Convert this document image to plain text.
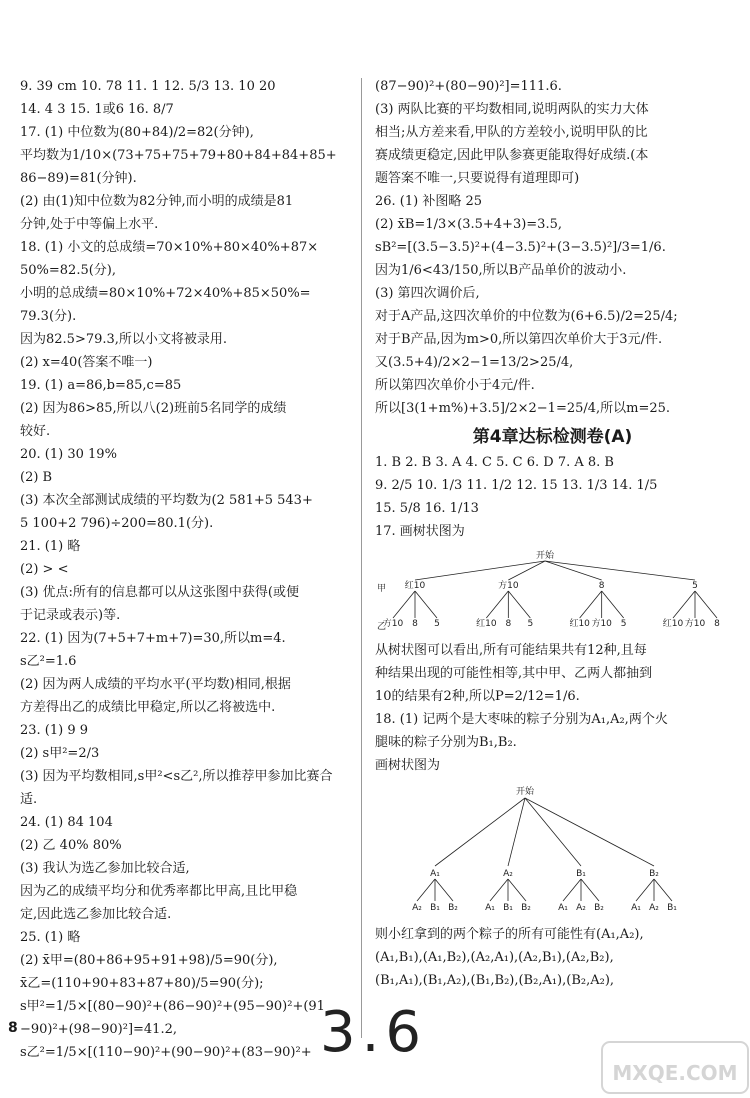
9. 39 cm 10. 78 11. 1 12. 5/3 13. 10 20
14. 4 3 15. 1或6 16. 8/7
17. (1) 中位数为(80+84)/2=82(分钟),
平均数为1/10×(73+75+75+79+80+84+84+85+
86−89)=81(分钟).
(2) 由(1)知中位数为82分钟,而小明的成绩是81
分钟,处于中等偏上水平.
18. (1) 小文的总成绩=70×10%+80×40%+87×
50%=82.5(分),
小明的总成绩=80×10%+72×40%+85×50%=
79.3(分).
因为82.5>79.3,所以小文将被录用.
(2) x=40(答案不唯一)
19. (1) a=86,b=85,c=85
(2) 因为86>85,所以八(2)班前5名同学的成绩
较好.
20. (1) 30 19%
(2) B
(3) 本次全部测试成绩的平均数为(2 581+5 543+
5 100+2 796)÷200=80.1(分).
21. (1) 略
(2) > <
(3) 优点:所有的信息都可以从这张图中获得(或便
于记录或表示)等.
22. (1) 因为(7+5+7+m+7)=30,所以m=4.
s乙²=1.6
(2) 因为两人成绩的平均水平(平均数)相同,根据
方差得出乙的成绩比甲稳定,所以乙将被选中.
23. (1) 9 9
(2) s甲²=2/3
(3) 因为平均数相同,s甲²<s乙²,所以推荐甲参加比赛合
适.
24. (1) 84 104
(2) 乙 40% 80%
(3) 我认为选乙参加比较合适,
因为乙的成绩平均分和优秀率都比甲高,且比甲稳
定,因此选乙参加比较合适.
25. (1) 略
(2) x̄甲=(80+86+95+91+98)/5=90(分),
x̄乙=(110+90+83+87+80)/5=90(分);
s甲²=1/5×[(80−90)²+(86−90)²+(95−90)²+(91
−90)²+(98−90)²]=41.2,
s乙²=1/5×[(110−90)²+(90−90)²+(83−90)²+
(87−90)²+(80−90)²]=111.6.
(3) 两队比赛的平均数相同,说明两队的实力大体
相当;从方差来看,甲队的方差较小,说明甲队的比
赛成绩更稳定,因此甲队参赛更能取得好成绩.(本
题答案不唯一,只要说得有道理即可)
26. (1) 补图略 25
(2) x̄B=1/3×(3.5+4+3)=3.5,
sB²=[(3.5−3.5)²+(4−3.5)²+(3−3.5)²]/3=1/6.
因为1/6<43/150,所以B产品单价的波动小.
(3) 第四次调价后,
对于A产品,这四次单价的中位数为(6+6.5)/2=25/4;
对于B产品,因为m>0,所以第四次单价大于3元/件.
又(3.5+4)/2×2−1=13/2>25/4,
所以第四次单价小于4元/件.
所以[3(1+m%)+3.5]/2×2−1=25/4,所以m=25.
第4章达标检测卷(A)
1. B 2. B 3. A 4. C 5. C 6. D 7. A 8. B
9. 2/5 10. 1/3 11. 1/2 12. 15 13. 1/3 14. 1/5
15. 5/8 16. 1/13
17. 画树状图为
开始
甲
乙
红10
方10 8 5
方10
红10 8 5
8
红10 方10 5
5
红10 方10 8
从树状图可以看出,所有可能结果共有12种,且每
种结果出现的可能性相等,其中甲、乙两人都抽到
10的结果有2种,所以P=2/12=1/6.
18. (1) 记两个是大枣味的粽子分别为A₁,A₂,两个火
腿味的粽子分别为B₁,B₂.
画树状图为
开始
A₁
A₂ B₁ B₂
A₂
A₁ B₁ B₂
B₁
A₁ A₂ B₂
B₂
A₁ A₂ B₁
则小红拿到的两个粽子的所有可能性有(A₁,A₂),
(A₁,B₁),(A₁,B₂),(A₂,A₁),(A₂,B₁),(A₂,B₂),
(B₁,A₁),(B₁,A₂),(B₁,B₂),(B₂,A₁),(B₂,A₂),
8	3.6
MXQE.COM
